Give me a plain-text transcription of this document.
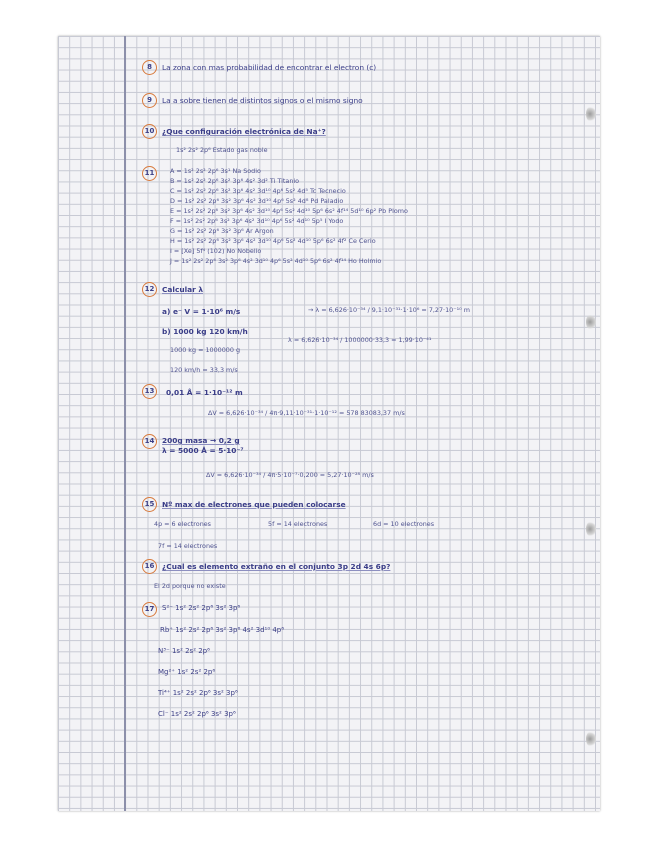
8	La zona con mas probabilidad de encontrar el electron (c)
9	La a sobre tienen de distintos signos o el mismo signo
10	¿Que configuración electrónica de Na⁺?
1s² 2s² 2p⁶ Estado gas noble
11	A = 1s² 2s² 2p⁶ 3s¹ Na Sodio
B = 1s² 2s² 2p⁶ 3s² 3p⁶ 4s² 3d² Ti Titanio
C = 1s² 2s² 2p⁶ 3s² 3p⁶ 4s² 3d¹⁰ 4p⁶ 5s² 4d⁵ Tc Tecnecio
D = 1s² 2s² 2p⁶ 3s² 3p⁶ 4s² 3d¹⁰ 4p⁶ 5s² 4d⁸ Pd Paladio
E = 1s² 2s² 2p⁶ 3s² 3p⁶ 4s² 3d¹⁰ 4p⁶ 5s² 4d¹⁰ 5p⁶ 6s² 4f¹⁴ 5d¹⁰ 6p² Pb Plomo
F = 1s² 2s² 2p⁶ 3s² 3p⁶ 4s² 3d¹⁰ 4p⁶ 5s² 4d¹⁰ 5p⁵ I Yodo
G = 1s² 2s² 2p⁶ 3s² 3p⁶ Ar Argon
H = 1s² 2s² 2p⁶ 3s² 3p⁶ 4s² 3d¹⁰ 4p⁶ 5s² 4d¹⁰ 5p⁶ 6s² 4f² Ce Cerio
I = [Xe] 5f⁴ (102) No Nobelio
J = 1s² 2s² 2p⁶ 3s² 3p⁶ 4s² 3d¹⁰ 4p⁶ 5s² 4d¹⁰ 5p⁶ 6s² 4f¹⁴ Ho Holmio
12	Calcular λ
a) e⁻ V = 1·10⁶ m/s	→ λ = 6,626·10⁻³⁴ / 9,1·10⁻³¹·1·10⁶ = 7,27·10⁻¹⁰ m
b) 1000 kg 120 km/h
λ = 6,626·10⁻³⁴ / 1000000·33,3 = 1,99·10⁻⁴¹
1000 kg = 1000000 g
120 km/h = 33,3 m/s
13	0,01 Å = 1·10⁻¹² m
ΔV = 6,626·10⁻³⁴ / 4π·9,11·10⁻³¹·1·10⁻¹² = 578 83083,37 m/s
14	200g masa → 0,2 g
λ = 5000 Å = 5·10⁻⁷
ΔV = 6,626·10⁻³⁴ / 4π·5·10⁻⁷·0,200 = 5,27·10⁻²⁸ m/s
15	Nº max de electrones que pueden colocarse
4p = 6 electrones	5f = 14 electrones	6d = 10 electrones
7f = 14 electrones
16	¿Cual es elemento extraño en el conjunto 3p 2d 4s 6p?
El 2d porque no existe
17	S²⁻ 1s² 2s² 2p⁶ 3s² 3p⁶
Rb⁺ 1s² 2s² 2p⁶ 3s² 3p⁶ 4s² 3d¹⁰ 4p⁶
N³⁻ 1s² 2s² 2p⁶
Mg²⁺ 1s² 2s² 2p⁶
Ti⁴⁺ 1s² 2s² 2p⁶ 3s² 3p⁶
Cl⁻ 1s² 2s² 2p⁶ 3s² 3p⁶
